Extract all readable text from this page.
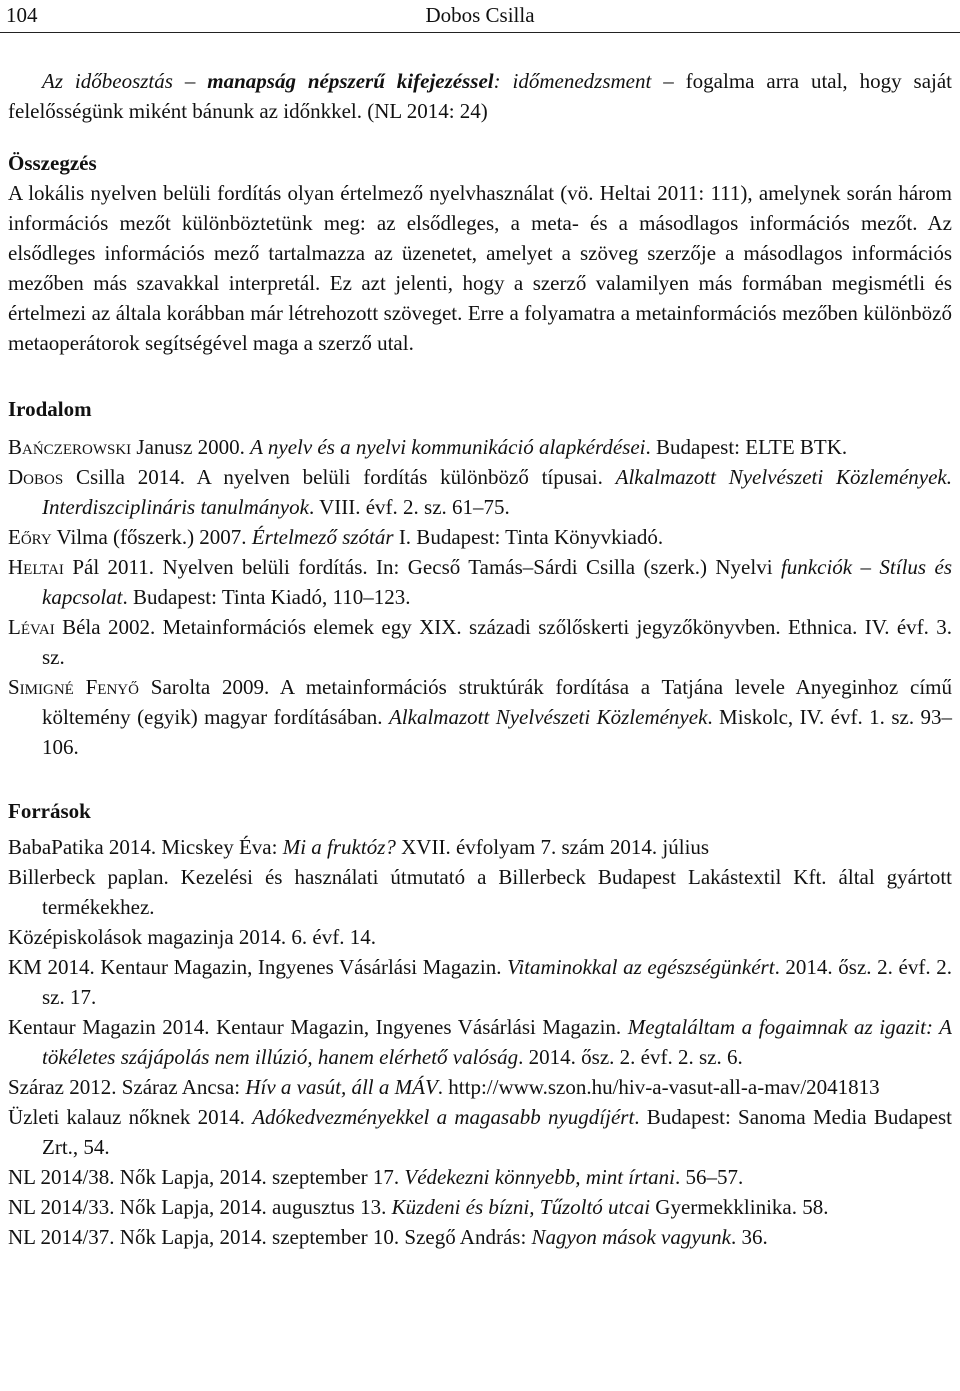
104	Dobos Csilla

Az időbeosztás – manapság népszerű kifejezéssel: időmenedzsment – fogalma arra utal, hogy saját felelősségünk miként bánunk az időnkkel. (NL 2014: 24)

Összegzés

A lokális nyelven belüli fordítás olyan értelmező nyelvhasználat (vö. Heltai 2011: 111), amelynek során három információs mezőt különböztetünk meg: az elsődleges, a meta- és a másodlagos információs mezőt. Az elsődleges információs mező tartalmazza az üzenetet, amelyet a szöveg szerzője a másodlagos információs mezőben más szavakkal interpretál. Ez azt jelenti, hogy a szerző valamilyen más formában megismétli és értelmezi az általa korábban már létrehozott szöveget. Erre a folyamatra a metainformációs mezőben különböző metaoperátorok segítségével maga a szerző utal.

Irodalom

Bańczerowski Janusz 2000. A nyelv és a nyelvi kommunikáció alapkérdései. Budapest: ELTE BTK.

Dobos Csilla 2014. A nyelven belüli fordítás különböző típusai. Alkalmazott Nyelvészeti Közlemények. Interdiszciplináris tanulmányok. VIII. évf. 2. sz. 61–75.

Eőry Vilma (főszerk.) 2007. Értelmező szótár I. Budapest: Tinta Könyvkiadó.

Heltai Pál 2011. Nyelven belüli fordítás. In: Gecső Tamás–Sárdi Csilla (szerk.) Nyelvi funkciók – Stílus és kapcsolat. Budapest: Tinta Kiadó, 110–123.

Lévai Béla 2002. Metainformációs elemek egy XIX. századi szőlőskerti jegyzőkönyvben. Ethnica. IV. évf. 3. sz.

Simigné Fenyő Sarolta 2009. A metainformációs struktúrák fordítása a Tatjána levele Anyeginhoz című költemény (egyik) magyar fordításában. Alkalmazott Nyelvészeti Közlemények. Miskolc, IV. évf. 1. sz. 93–106.

Források

BabaPatika 2014. Micskey Éva: Mi a fruktóz? XVII. évfolyam 7. szám 2014. július

Billerbeck paplan. Kezelési és használati útmutató a Billerbeck Budapest Lakástextil Kft. által gyártott termékekhez.

Középiskolások magazinja 2014. 6. évf. 14.

KM 2014. Kentaur Magazin, Ingyenes Vásárlási Magazin. Vitaminokkal az egészségünkért. 2014. ősz. 2. évf. 2. sz. 17.

Kentaur Magazin 2014. Kentaur Magazin, Ingyenes Vásárlási Magazin. Megtaláltam a fogaimnak az igazit: A tökéletes szájápolás nem illúzió, hanem elérhető valóság. 2014. ősz. 2. évf. 2. sz. 6.

Száraz 2012. Száraz Ancsa: Hív a vasút, áll a MÁV. http://www.szon.hu/hiv-a-vasut-all-a-mav/2041813

Üzleti kalauz nőknek 2014. Adókedvezményekkel a magasabb nyugdíjért. Budapest: Sanoma Media Budapest Zrt., 54.

NL 2014/38. Nők Lapja, 2014. szeptember 17. Védekezni könnyebb, mint írtani. 56–57.

NL 2014/33. Nők Lapja, 2014. augusztus 13. Küzdeni és bízni, Tűzoltó utcai Gyermekklinika. 58.

NL 2014/37. Nők Lapja, 2014. szeptember 10. Szegő András: Nagyon mások vagyunk. 36.
